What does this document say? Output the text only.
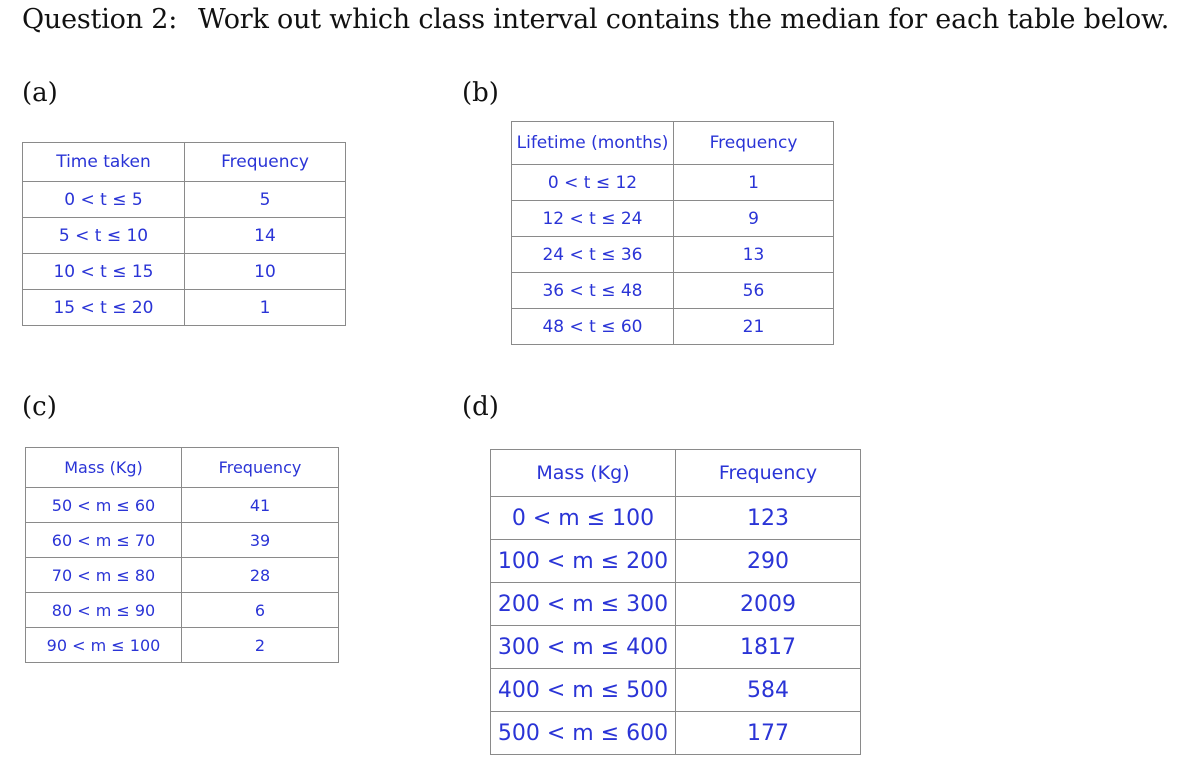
Question 2: Work out which class interval contains the median for each table below.
(a)	(b)
(c)	(d)
Time taken	Frequency
0 < t ≤ 5	5
5 < t ≤ 10	14
10 < t ≤ 15	10
15 < t ≤ 20	1
Lifetime (months)	Frequency
0 < t ≤ 12	1
12 < t ≤ 24	9
24 < t ≤ 36	13
36 < t ≤ 48	56
48 < t ≤ 60	21
Mass (Kg)	Frequency
50 < m ≤ 60	41
60 < m ≤ 70	39
70 < m ≤ 80	28
80 < m ≤ 90	6
90 < m ≤ 100	2
Mass (Kg)	Frequency
0 < m ≤ 100	123
100 < m ≤ 200	290
200 < m ≤ 300	2009
300 < m ≤ 400	1817
400 < m ≤ 500	584
500 < m ≤ 600	177
